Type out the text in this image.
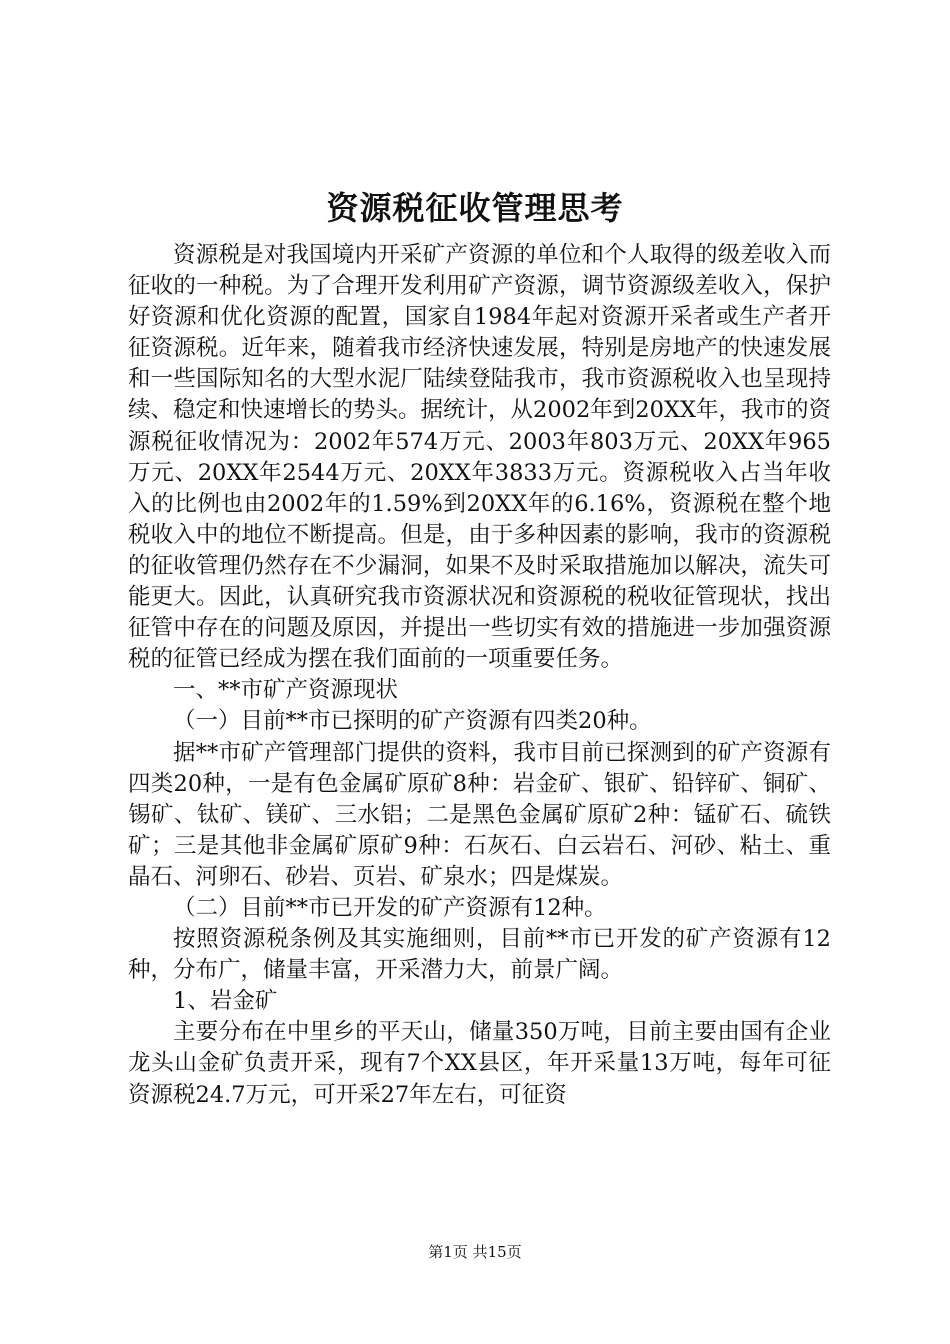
资源税征收管理思考

资源税是对我国境内开采矿产资源的单位和个人取得的级差收入而征收的一种税。为了合理开发利用矿产资源，调节资源级差收入，保护好资源和优化资源的配置，国家自1984年起对资源开采者或生产者开征资源税。近年来，随着我市经济快速发展，特别是房地产的快速发展和一些国际知名的大型水泥厂陆续登陆我市，我市资源税收入也呈现持续、稳定和快速增长的势头。据统计，从2002年到20XX年，我市的资源税征收情况为：2002年574万元、2003年803万元、20XX年965万元、20XX年2544万元、20XX年3833万元。资源税收入占当年收入的比例也由2002年的1.59%到20XX年的6.16%，资源税在整个地税收入中的地位不断提高。但是，由于多种因素的影响，我市的资源税的征收管理仍然存在不少漏洞，如果不及时采取措施加以解决，流失可能更大。因此，认真研究我市资源状况和资源税的税收征管现状，找出征管中存在的问题及原因，并提出一些切实有效的措施进一步加强资源税的征管已经成为摆在我们面前的一项重要任务。

一、**市矿产资源现状

（一）目前**市已探明的矿产资源有四类20种。

据**市矿产管理部门提供的资料，我市目前已探测到的矿产资源有四类20种，一是有色金属矿原矿8种：岩金矿、银矿、铅锌矿、铜矿、锡矿、钛矿、镁矿、三水铝；二是黑色金属矿原矿2种：锰矿石、硫铁矿；三是其他非金属矿原矿9种：石灰石、白云岩石、河砂、粘土、重晶石、河卵石、砂岩、页岩、矿泉水；四是煤炭。

（二）目前**市已开发的矿产资源有12种。

按照资源税条例及其实施细则，目前**市已开发的矿产资源有12种，分布广，储量丰富，开采潜力大，前景广阔。

1、岩金矿

主要分布在中里乡的平天山，储量350万吨，目前主要由国有企业龙头山金矿负责开采，现有7个XX县区，年开采量13万吨，每年可征资源税24.7万元，可开采27年左右，可征资

第1页 共15页
